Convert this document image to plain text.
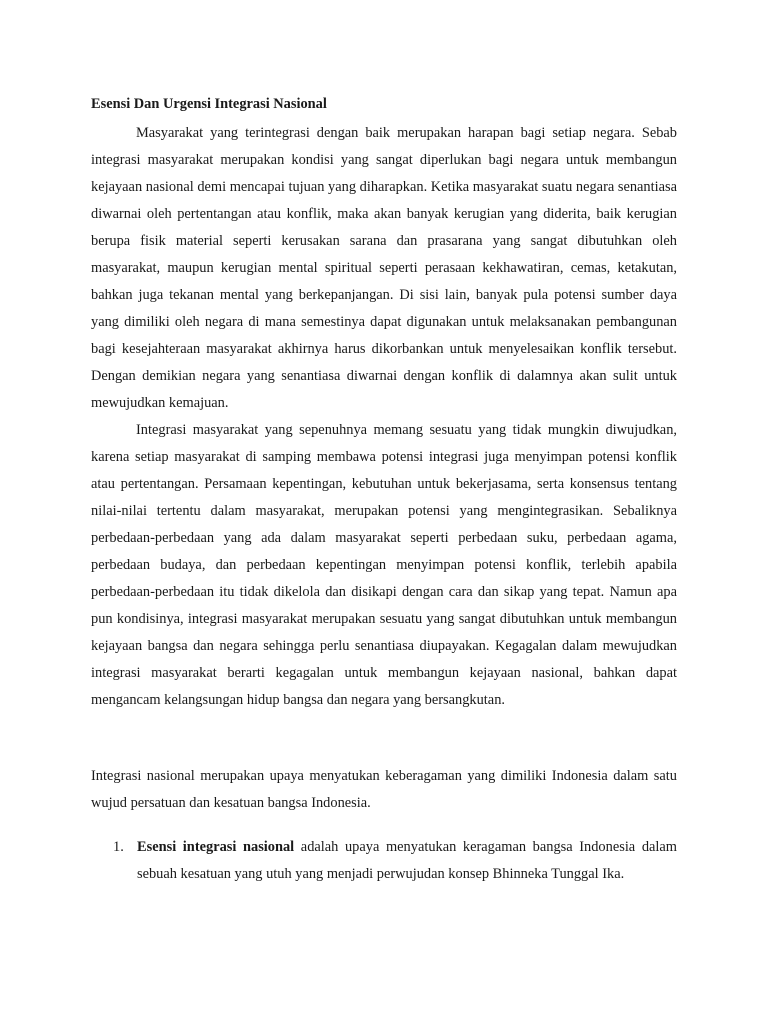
Esensi Dan Urgensi Integrasi Nasional

Masyarakat yang terintegrasi dengan baik merupakan harapan bagi setiap negara. Sebab integrasi masyarakat merupakan kondisi yang sangat diperlukan bagi negara untuk membangun kejayaan nasional demi mencapai tujuan yang diharapkan. Ketika masyarakat suatu negara senantiasa diwarnai oleh pertentangan atau konflik, maka akan banyak kerugian yang diderita, baik kerugian berupa fisik material seperti kerusakan sarana dan prasarana yang sangat dibutuhkan oleh masyarakat, maupun kerugian mental spiritual seperti perasaan kekhawatiran, cemas, ketakutan, bahkan juga tekanan mental yang berkepanjangan. Di sisi lain, banyak pula potensi sumber daya yang dimiliki oleh negara di mana semestinya dapat digunakan untuk melaksanakan pembangunan bagi kesejahteraan masyarakat akhirnya harus dikorbankan untuk menyelesaikan konflik tersebut. Dengan demikian negara yang senantiasa diwarnai dengan konflik di dalamnya akan sulit untuk mewujudkan kemajuan.

Integrasi masyarakat yang sepenuhnya memang sesuatu yang tidak mungkin diwujudkan, karena setiap masyarakat di samping membawa potensi integrasi juga menyimpan potensi konflik atau pertentangan. Persamaan kepentingan, kebutuhan untuk bekerjasama, serta konsensus tentang nilai-nilai tertentu dalam masyarakat, merupakan potensi yang mengintegrasikan. Sebaliknya perbedaan-perbedaan yang ada dalam masyarakat seperti perbedaan suku, perbedaan agama, perbedaan budaya, dan perbedaan kepentingan menyimpan potensi konflik, terlebih apabila perbedaan-perbedaan itu tidak dikelola dan disikapi dengan cara dan sikap yang tepat. Namun apa pun kondisinya, integrasi masyarakat merupakan sesuatu yang sangat dibutuhkan untuk membangun kejayaan bangsa dan negara sehingga perlu senantiasa diupayakan. Kegagalan dalam mewujudkan integrasi masyarakat berarti kegagalan untuk membangun kejayaan nasional, bahkan dapat mengancam kelangsungan hidup bangsa dan negara yang bersangkutan.

Integrasi nasional merupakan upaya menyatukan keberagaman yang dimiliki Indonesia dalam satu wujud persatuan dan kesatuan bangsa Indonesia.

1. Esensi integrasi nasional adalah upaya menyatukan keragaman bangsa Indonesia dalam sebuah kesatuan yang utuh yang menjadi perwujudan konsep Bhinneka Tunggal Ika.
